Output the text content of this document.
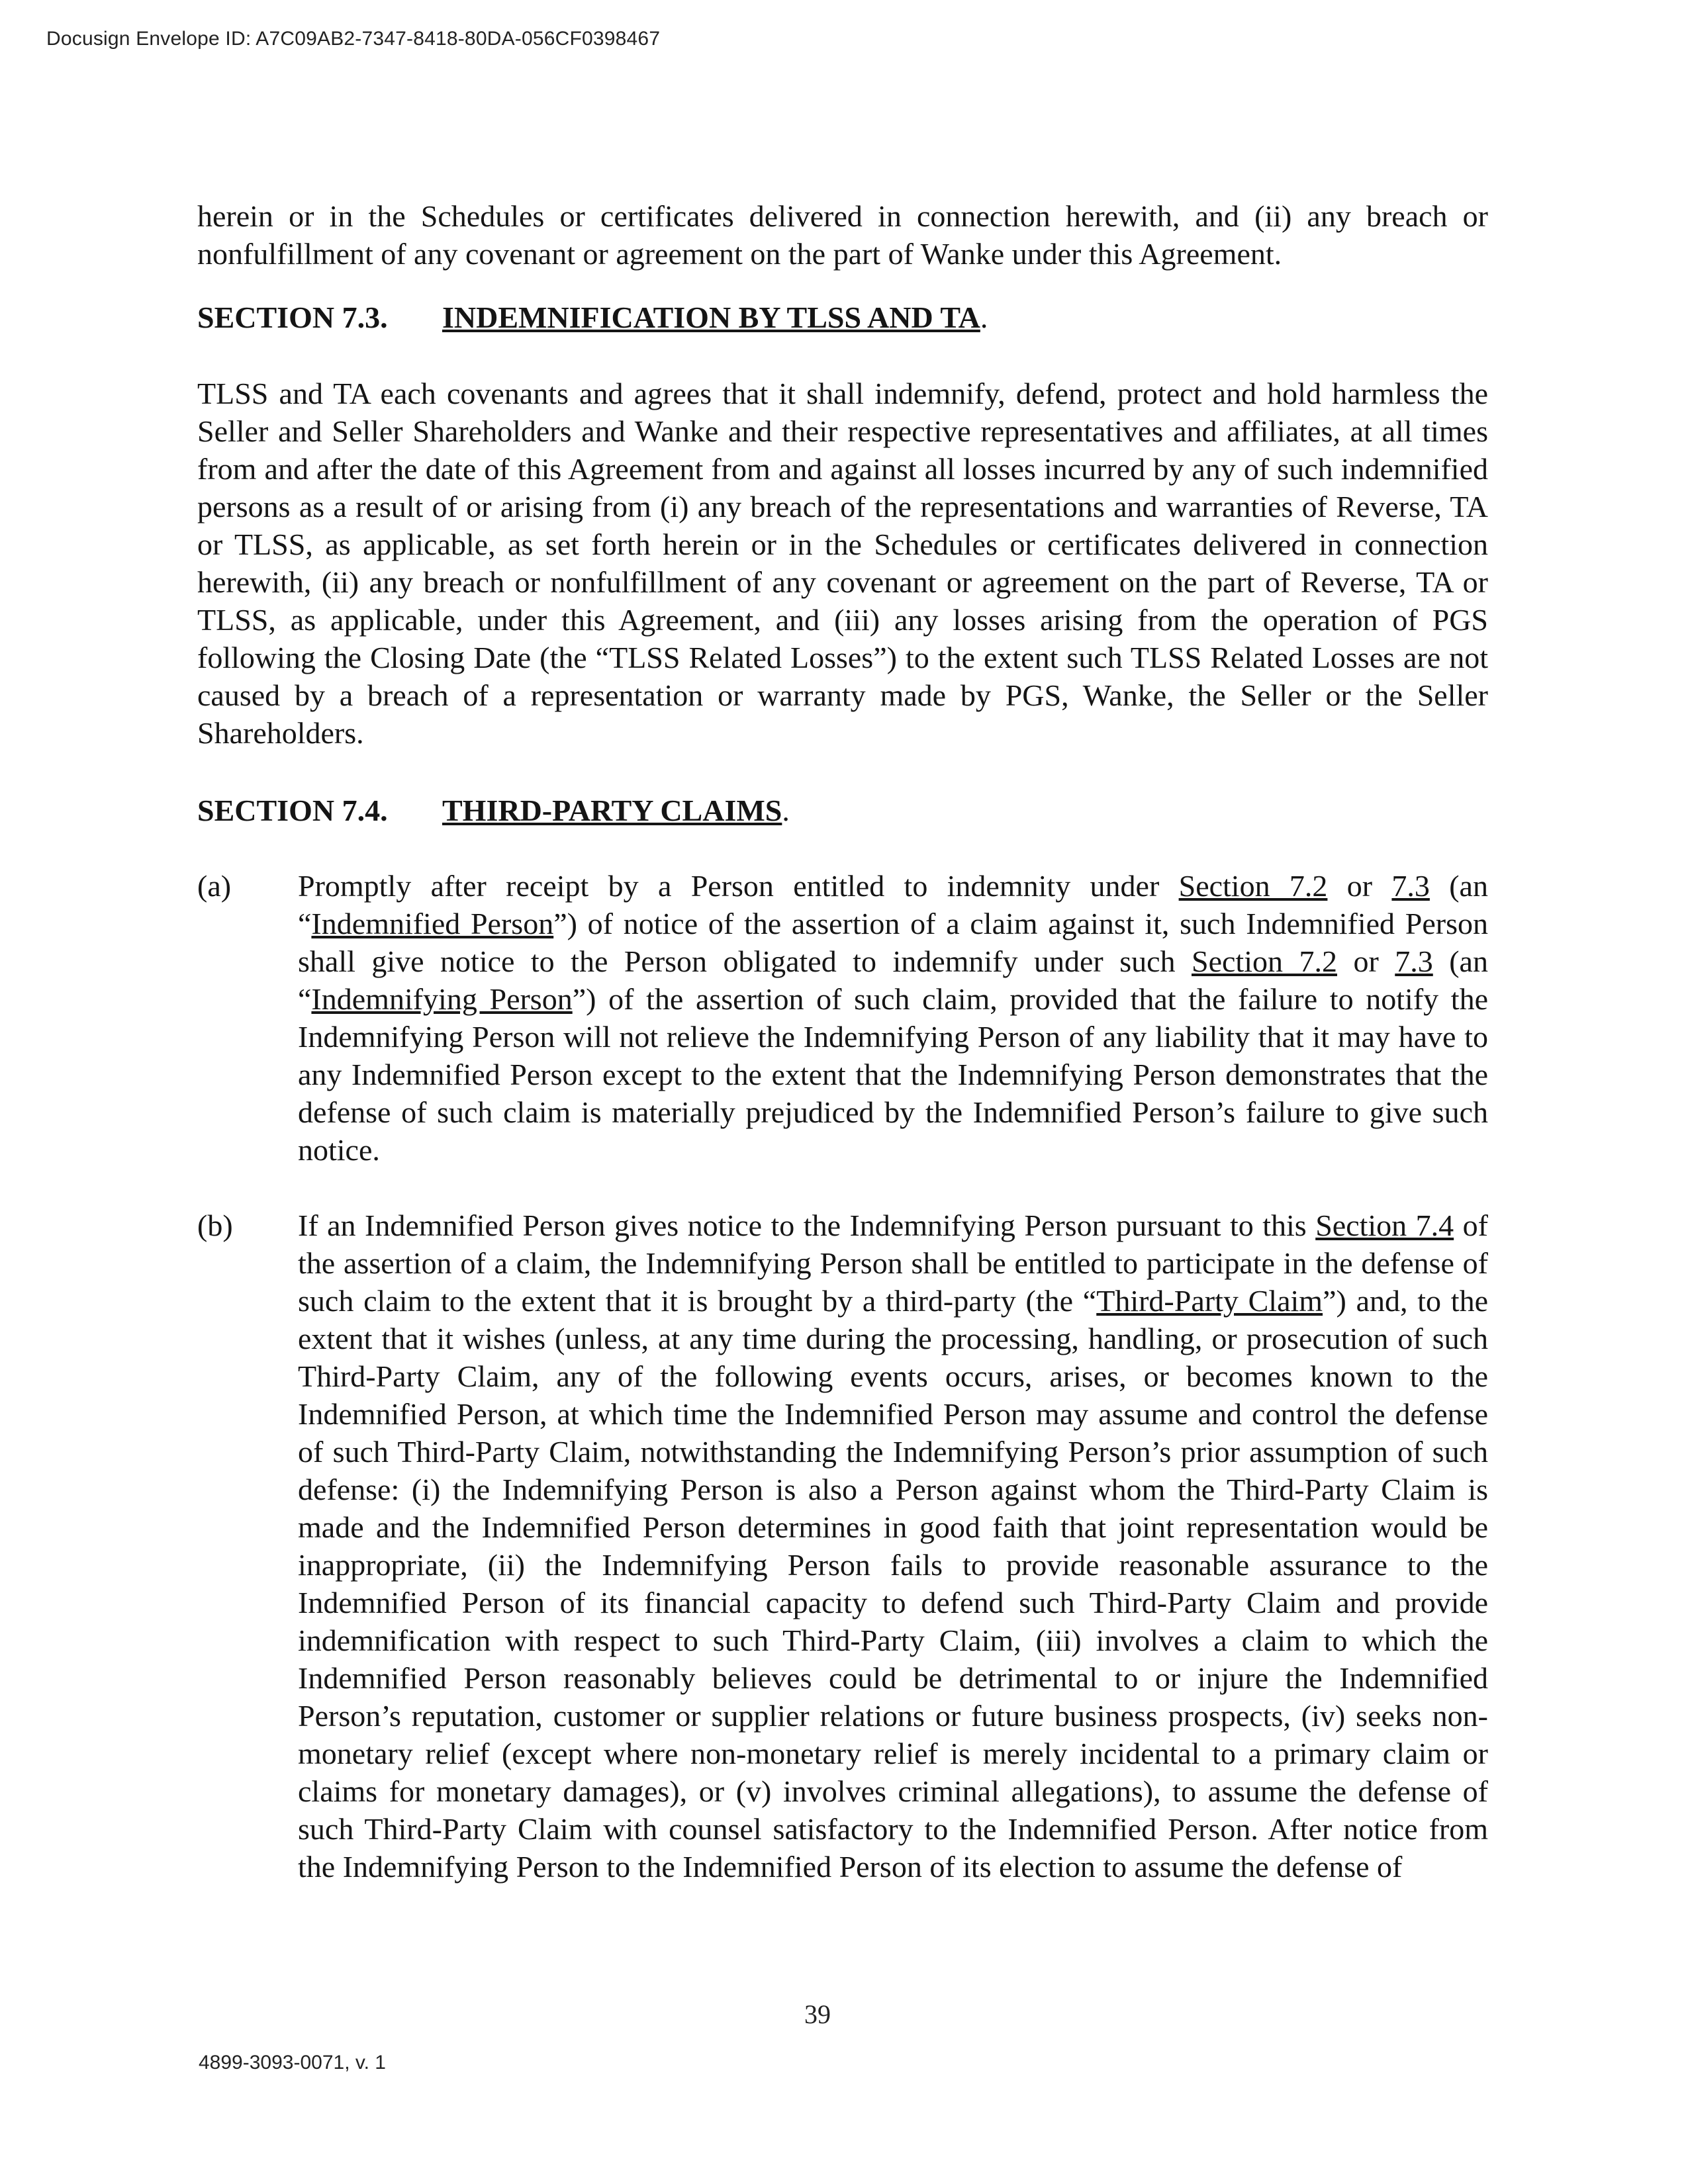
Docusign Envelope ID: A7C09AB2-7347-8418-80DA-056CF0398467
herein or in the Schedules or certificates delivered in connection herewith, and (ii) any breach or nonfulfillment of any covenant or agreement on the part of Wanke under this Agreement.
SECTION 7.3. INDEMNIFICATION BY TLSS AND TA.
TLSS and TA each covenants and agrees that it shall indemnify, defend, protect and hold harmless the Seller and Seller Shareholders and Wanke and their respective representatives and affiliates, at all times from and after the date of this Agreement from and against all losses incurred by any of such indemnified persons as a result of or arising from (i) any breach of the representations and warranties of Reverse, TA or TLSS, as applicable, as set forth herein or in the Schedules or certificates delivered in connection herewith, (ii) any breach or nonfulfillment of any covenant or agreement on the part of Reverse, TA or TLSS, as applicable, under this Agreement, and (iii) any losses arising from the operation of PGS following the Closing Date (the “TLSS Related Losses”) to the extent such TLSS Related Losses are not caused by a breach of a representation or warranty made by PGS, Wanke, the Seller or the Seller Shareholders.
SECTION 7.4. THIRD-PARTY CLAIMS.
(a)	Promptly after receipt by a Person entitled to indemnity under Section 7.2 or 7.3 (an “Indemnified Person”) of notice of the assertion of a claim against it, such Indemnified Person shall give notice to the Person obligated to indemnify under such Section 7.2 or 7.3 (an “Indemnifying Person”) of the assertion of such claim, provided that the failure to notify the Indemnifying Person will not relieve the Indemnifying Person of any liability that it may have to any Indemnified Person except to the extent that the Indemnifying Person demonstrates that the defense of such claim is materially prejudiced by the Indemnified Person’s failure to give such notice.
(b)	If an Indemnified Person gives notice to the Indemnifying Person pursuant to this Section 7.4 of the assertion of a claim, the Indemnifying Person shall be entitled to participate in the defense of such claim to the extent that it is brought by a third-party (the “Third-Party Claim”) and, to the extent that it wishes (unless, at any time during the processing, handling, or prosecution of such Third-Party Claim, any of the following events occurs, arises, or becomes known to the Indemnified Person, at which time the Indemnified Person may assume and control the defense of such Third-Party Claim, notwithstanding the Indemnifying Person’s prior assumption of such defense: (i) the Indemnifying Person is also a Person against whom the Third-Party Claim is made and the Indemnified Person determines in good faith that joint representation would be inappropriate, (ii) the Indemnifying Person fails to provide reasonable assurance to the Indemnified Person of its financial capacity to defend such Third-Party Claim and provide indemnification with respect to such Third-Party Claim, (iii) involves a claim to which the Indemnified Person reasonably believes could be detrimental to or injure the Indemnified Person’s reputation, customer or supplier relations or future business prospects, (iv) seeks non-monetary relief (except where non-monetary relief is merely incidental to a primary claim or claims for monetary damages), or (v) involves criminal allegations), to assume the defense of such Third-Party Claim with counsel satisfactory to the Indemnified Person. After notice from the Indemnifying Person to the Indemnified Person of its election to assume the defense of
39
4899-3093-0071, v. 1
